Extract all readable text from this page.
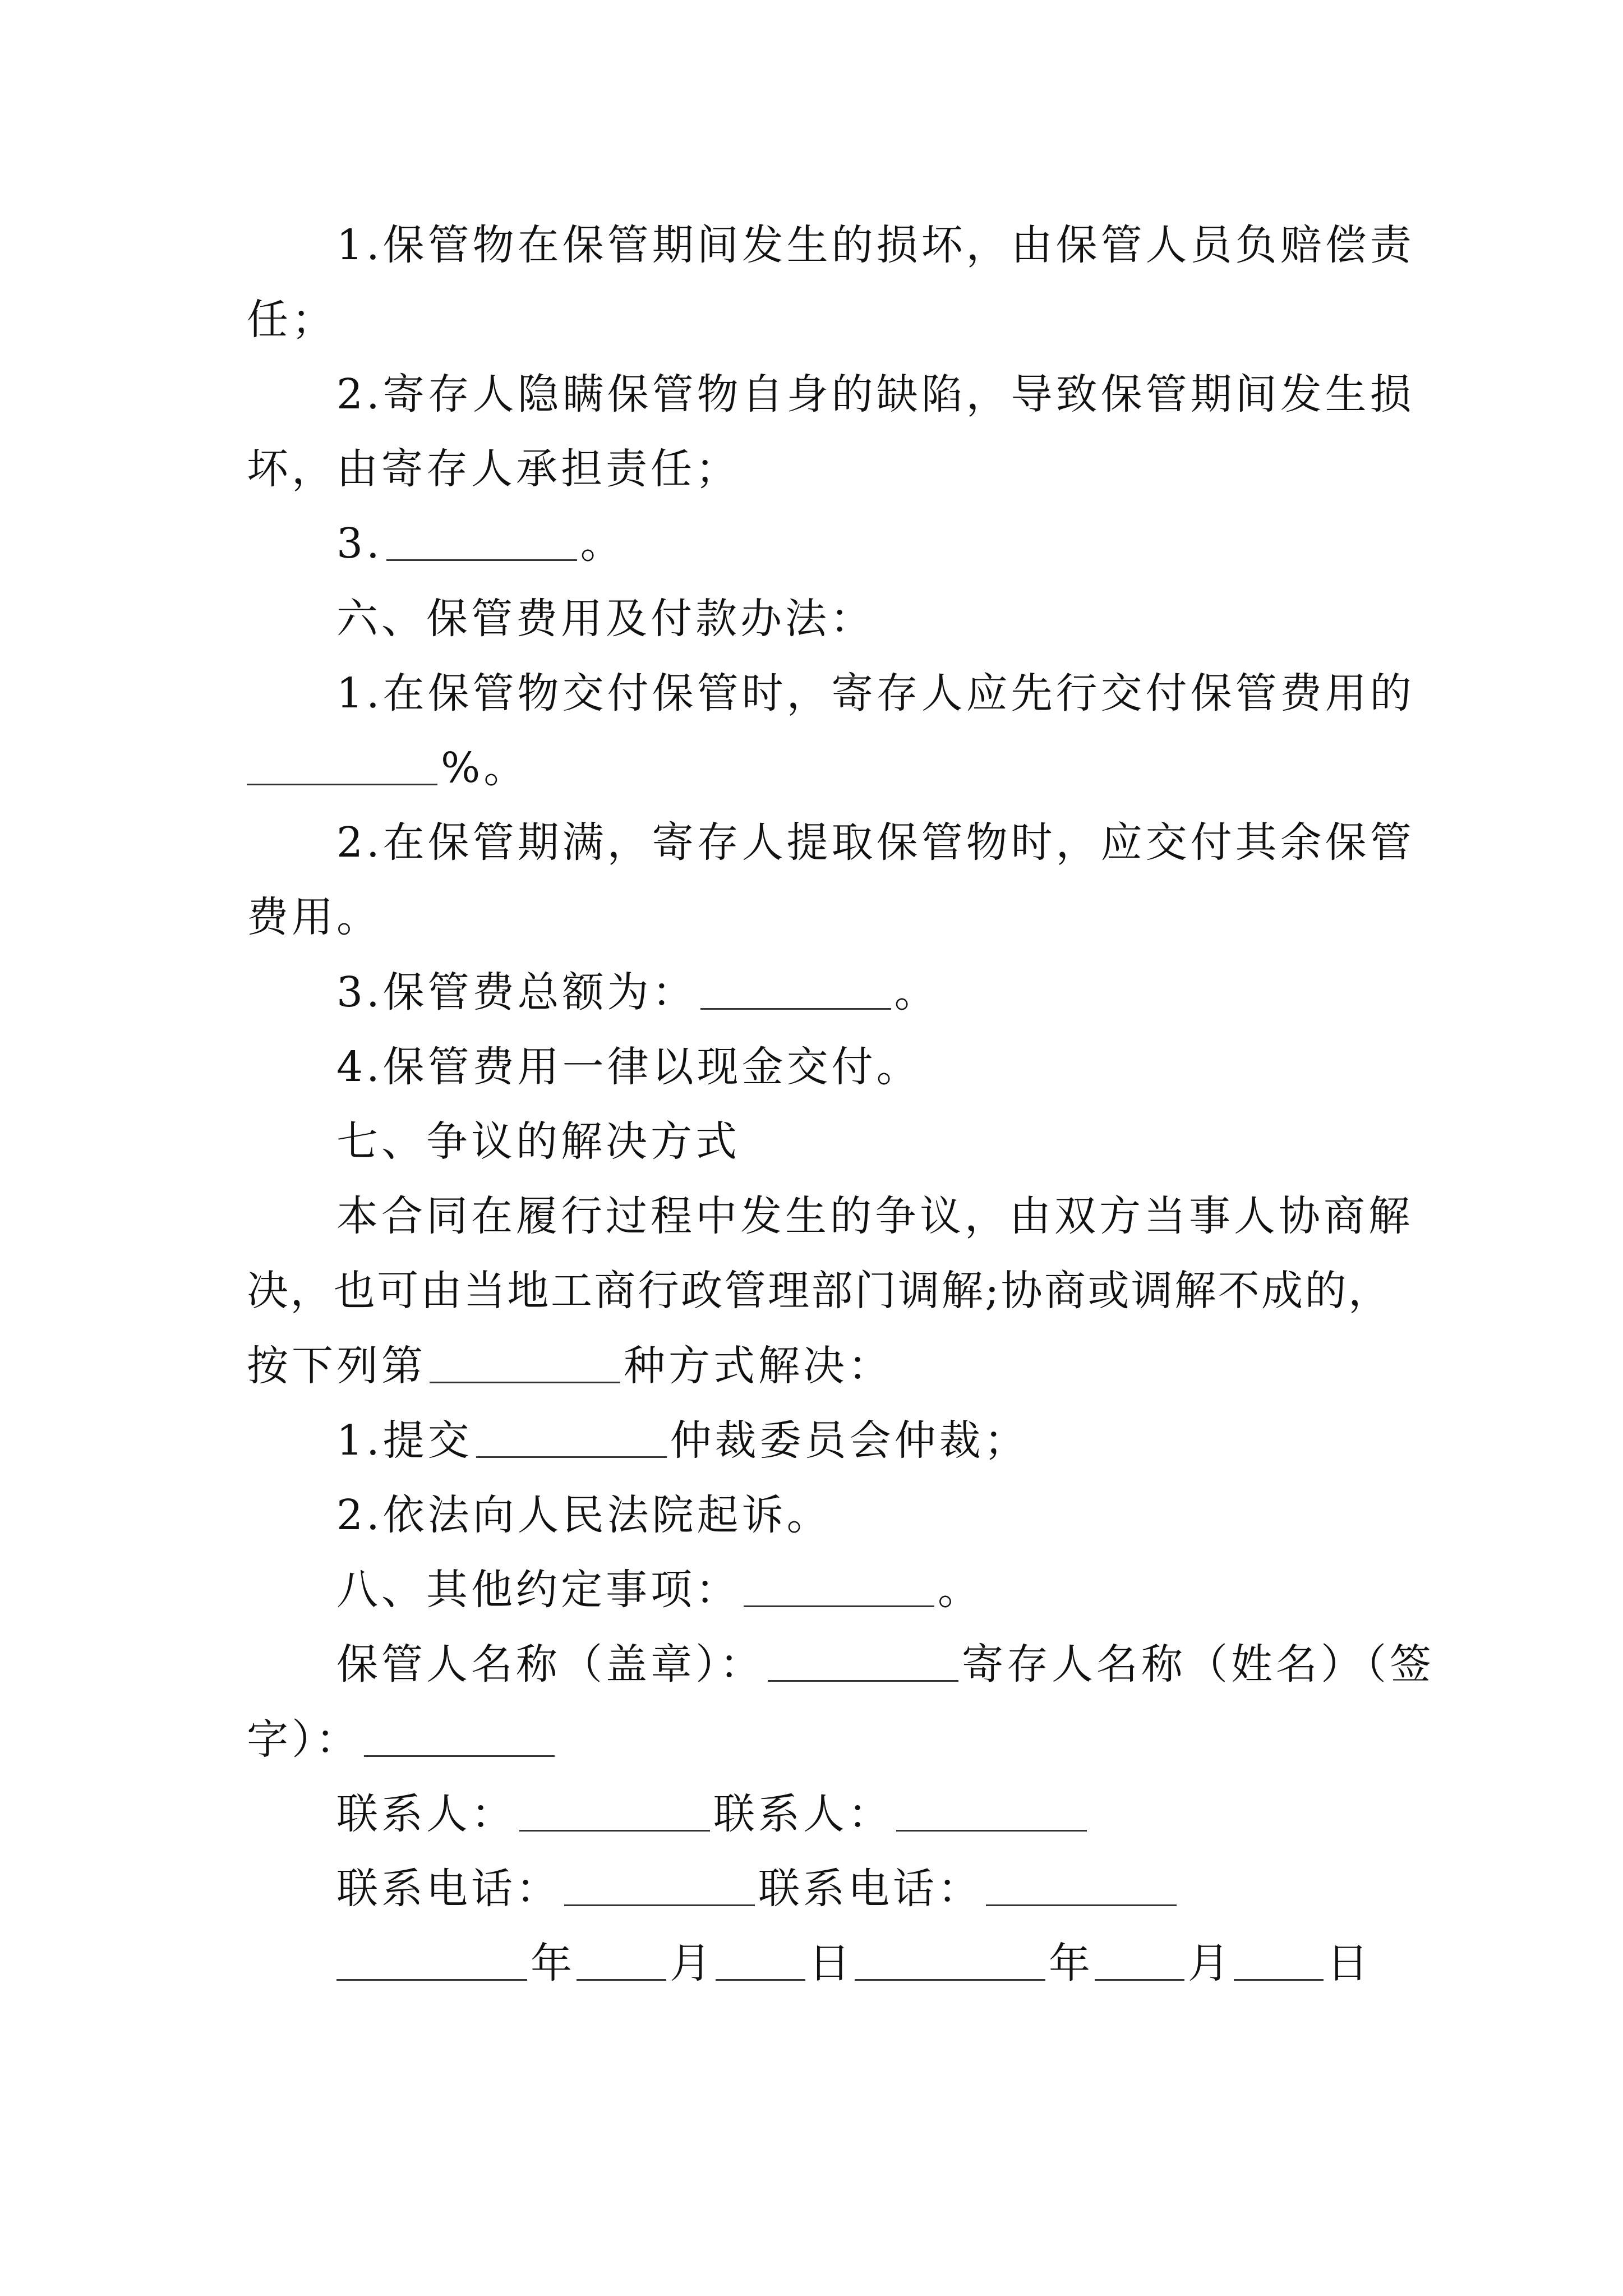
1.保管物在保管期间发生的损坏，由保管人员负赔偿责
任；
2.寄存人隐瞒保管物自身的缺陷，导致保管期间发生损
坏，由寄存人承担责任；
3.	。
六、保管费用及付款办法：
1.在保管物交付保管时，寄存人应先行交付保管费用的
%。
2.在保管期满，寄存人提取保管物时，应交付其余保管
费用。
3.保管费总额为：	。
4.保管费用一律以现金交付。
七、争议的解决方式
本合同在履行过程中发生的争议，由双方当事人协商解
决，也可由当地工商行政管理部门调解;协商或调解不成的，
按下列第	种方式解决：
1.提交	仲裁委员会仲裁；
2.依法向人民法院起诉。
八、其他约定事项：	。
保管人名称（盖章）：	寄存人名称（姓名）（签
字）：
联系人：	联系人：
联系电话：	联系电话：
年 月 日	年 月 日
